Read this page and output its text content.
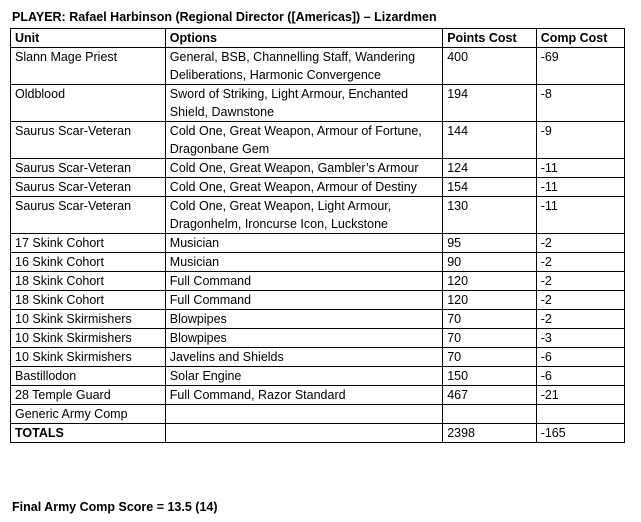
PLAYER: Rafael Harbinson (Regional Director ([Americas]) – Lizardmen
Unit	Options	Points Cost	Comp Cost
Slann Mage Priest	General, BSB, Channelling Staff, Wandering Deliberations, Harmonic Convergence	400	-69
Oldblood	Sword of Striking, Light Armour, Enchanted Shield, Dawnstone	194	-8
Saurus Scar-Veteran	Cold One, Great Weapon, Armour of Fortune, Dragonbane Gem	144	-9
Saurus Scar-Veteran	Cold One, Great Weapon, Gambler’s Armour	124	-11
Saurus Scar-Veteran	Cold One, Great Weapon, Armour of Destiny	154	-11
Saurus Scar-Veteran	Cold One, Great Weapon, Light Armour, Dragonhelm, Ironcurse Icon, Luckstone	130	-11
17 Skink Cohort	Musician	95	-2
16 Skink Cohort	Musician	90	-2
18 Skink Cohort	Full Command	120	-2
18 Skink Cohort	Full Command	120	-2
10 Skink Skirmishers	Blowpipes	70	-2
10 Skink Skirmishers	Blowpipes	70	-3
10 Skink Skirmishers	Javelins and Shields	70	-6
Bastillodon	Solar Engine	150	-6
28 Temple Guard	Full Command, Razor Standard	467	-21
Generic Army Comp			
TOTALS		2398	-165
Final Army Comp Score = 13.5 (14)
